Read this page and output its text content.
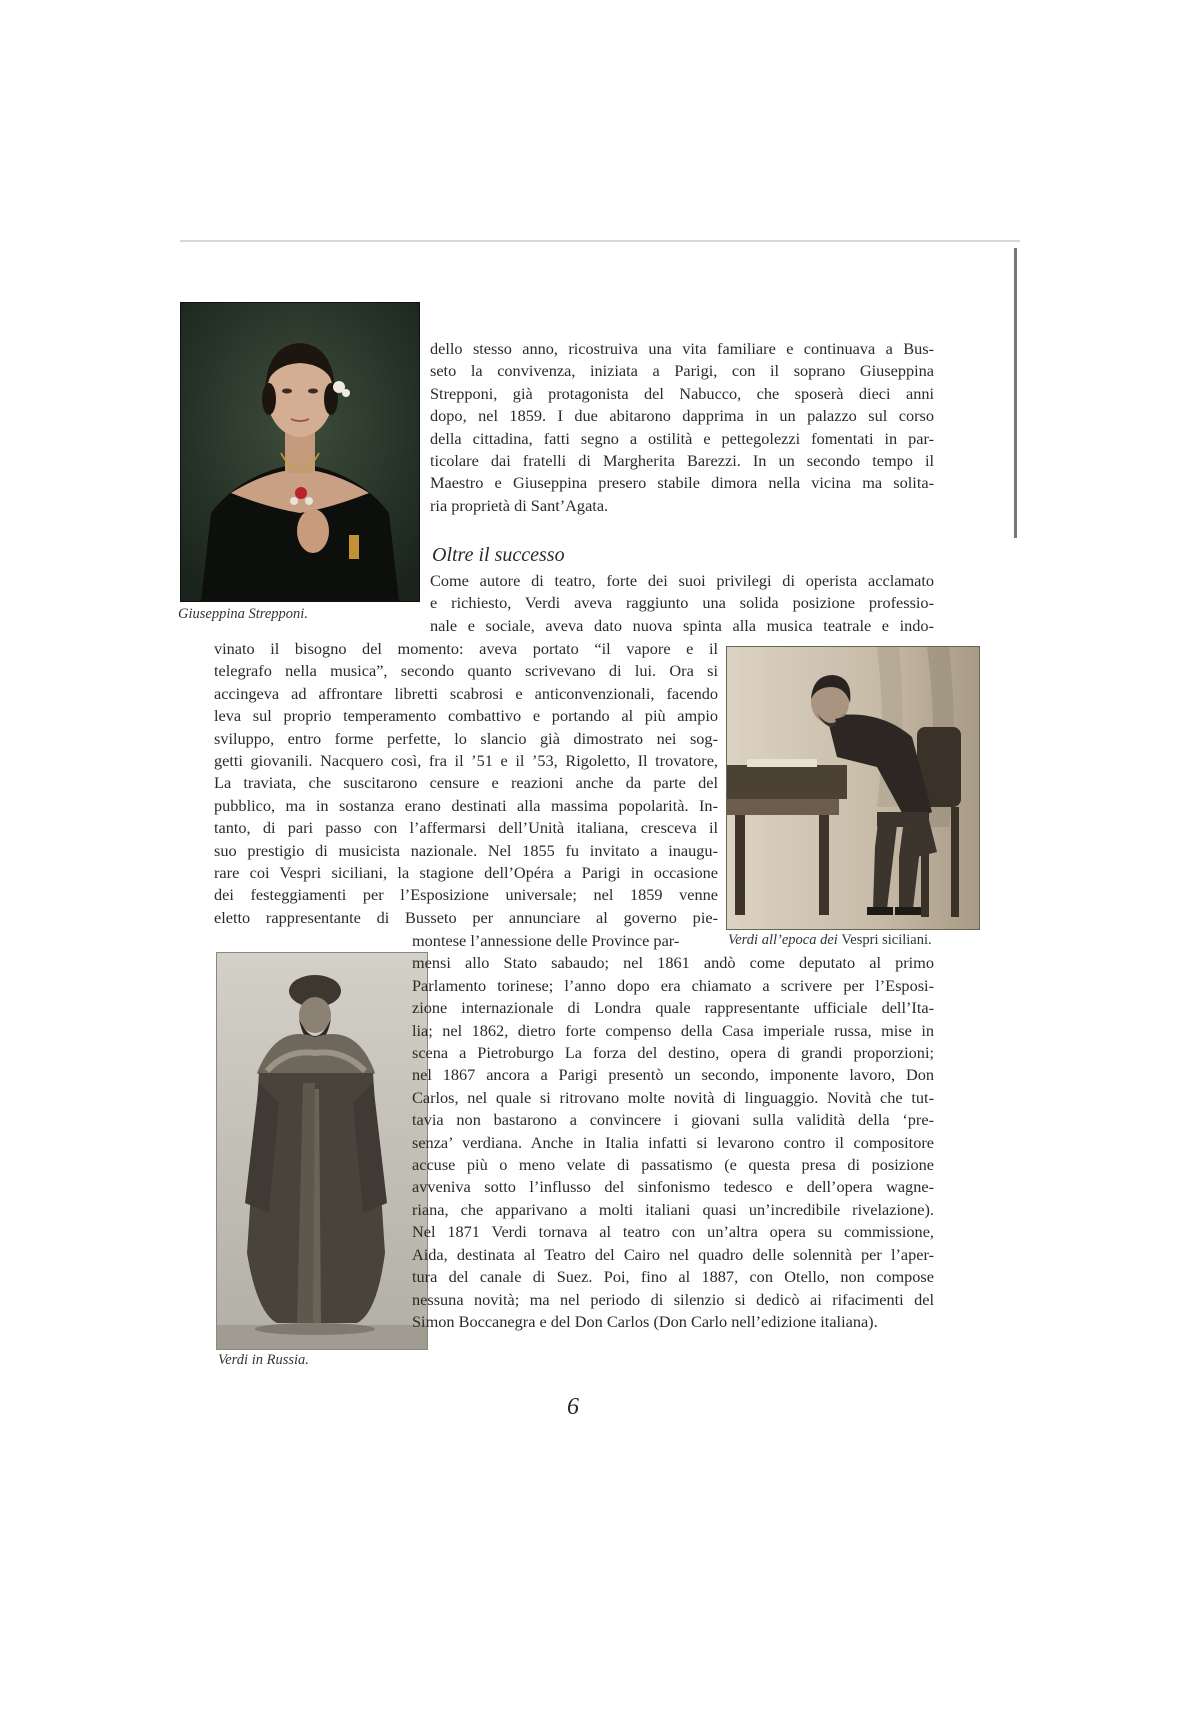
Giuseppina Strepponi.
dello stesso anno, ricostruiva una vita familiare e continuava a Bus-
seto la convivenza, iniziata a Parigi, con il soprano Giuseppina
Strepponi, già protagonista del Nabucco, che sposerà dieci anni
dopo, nel 1859. I due abitarono dapprima in un palazzo sul corso
della cittadina, fatti segno a ostilità e pettegolezzi fomentati in par-
ticolare dai fratelli di Margherita Barezzi. In un secondo tempo il
Maestro e Giuseppina presero stabile dimora nella vicina ma solita-
ria proprietà di Sant’Agata.
Oltre il successo
Come autore di teatro, forte dei suoi privilegi di operista acclamato
e richiesto, Verdi aveva raggiunto una solida posizione professio-
nale e sociale, aveva dato nuova spinta alla musica teatrale e indo-
vinato il bisogno del momento: aveva portato “il vapore e il
telegrafo nella musica”, secondo quanto scrivevano di lui. Ora si
accingeva ad affrontare libretti scabrosi e anticonvenzionali, facendo
leva sul proprio temperamento combattivo e portando al più ampio
sviluppo, entro forme perfette, lo slancio già dimostrato nei sog-
getti giovanili. Nacquero così, fra il ’51 e il ’53, Rigoletto, Il trovatore,
La traviata, che suscitarono censure e reazioni anche da parte del
pubblico, ma in sostanza erano destinati alla massima popolarità. In-
tanto, di pari passo con l’affermarsi dell’Unità italiana, cresceva il
suo prestigio di musicista nazionale. Nel 1855 fu invitato a inaugu-
rare coi Vespri siciliani, la stagione dell’Opéra a Parigi in occasione
dei festeggiamenti per l’Esposizione universale; nel 1859 venne
eletto rappresentante di Busseto per annunciare al governo pie-
Verdi all’epoca dei Vespri siciliani.
Verdi in Russia.
montese l’annessione delle Province par-
mensi allo Stato sabaudo; nel 1861 andò come deputato al primo
Parlamento torinese; l’anno dopo era chiamato a scrivere per l’Esposi-
zione internazionale di Londra quale rappresentante ufficiale dell’Ita-
lia; nel 1862, dietro forte compenso della Casa imperiale russa, mise in
scena a Pietroburgo La forza del destino, opera di grandi proporzioni;
nel 1867 ancora a Parigi presentò un secondo, imponente lavoro, Don
Carlos, nel quale si ritrovano molte novità di linguaggio. Novità che tut-
tavia non bastarono a convincere i giovani sulla validità della ‘pre-
senza’ verdiana. Anche in Italia infatti si levarono contro il compositore
accuse più o meno velate di passatismo (e questa presa di posizione
avveniva sotto l’influsso del sinfonismo tedesco e dell’opera wagne-
riana, che apparivano a molti italiani quasi un’incredibile rivelazione).
Nel 1871 Verdi tornava al teatro con un’altra opera su commissione,
Aida, destinata al Teatro del Cairo nel quadro delle solennità per l’aper-
tura del canale di Suez. Poi, fino al 1887, con Otello, non compose
nessuna novità; ma nel periodo di silenzio si dedicò ai rifacimenti del
Simon Boccanegra e del Don Carlos (Don Carlo nell’edizione italiana).
6
